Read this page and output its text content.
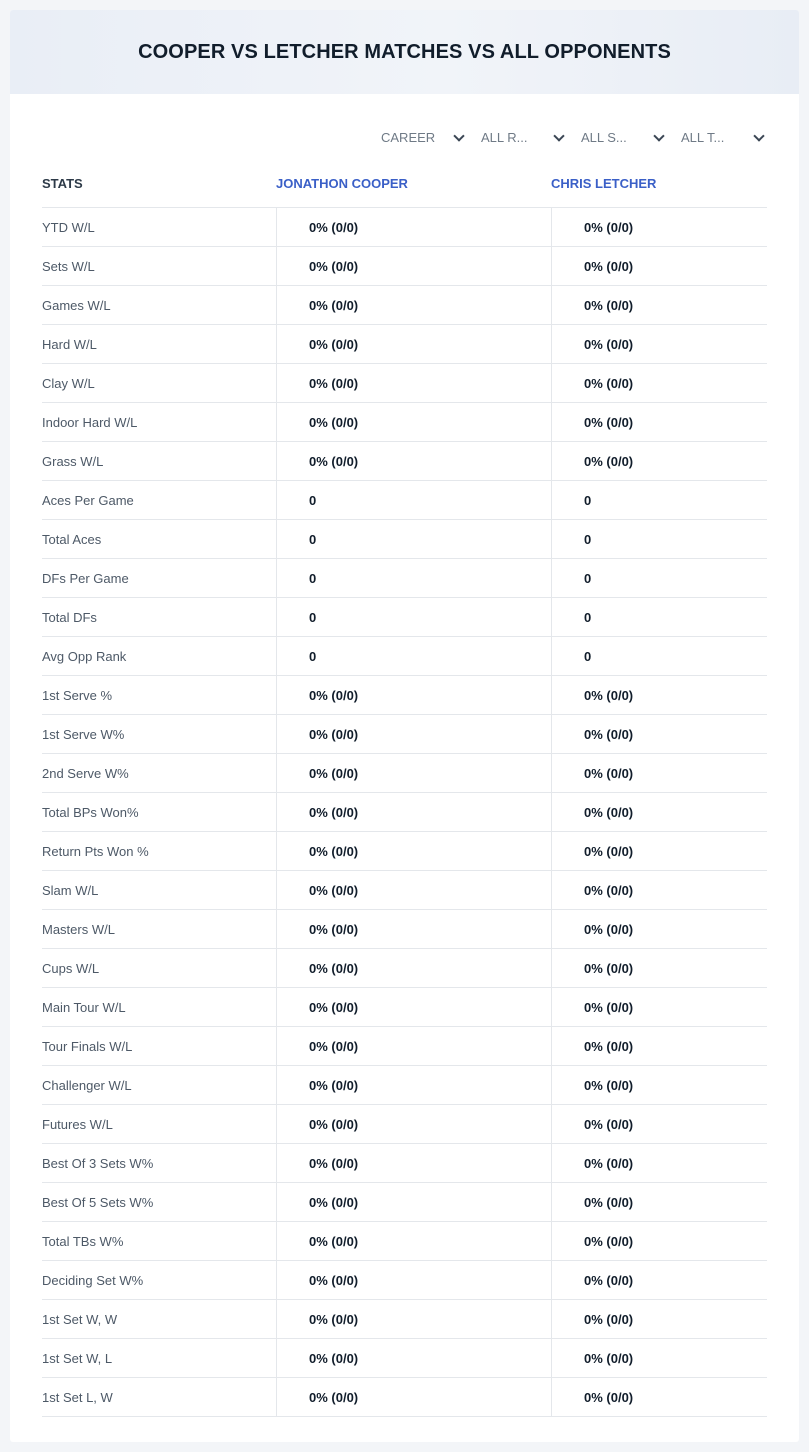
COOPER VS LETCHER MATCHES VS ALL OPPONENTS
CAREER	ALL R...	ALL S...	ALL T...
STATS	JONATHON COOPER	CHRIS LETCHER
YTD W/L	0% (0/0)	0% (0/0)
Sets W/L	0% (0/0)	0% (0/0)
Games W/L	0% (0/0)	0% (0/0)
Hard W/L	0% (0/0)	0% (0/0)
Clay W/L	0% (0/0)	0% (0/0)
Indoor Hard W/L	0% (0/0)	0% (0/0)
Grass W/L	0% (0/0)	0% (0/0)
Aces Per Game	0	0
Total Aces	0	0
DFs Per Game	0	0
Total DFs	0	0
Avg Opp Rank	0	0
1st Serve %	0% (0/0)	0% (0/0)
1st Serve W%	0% (0/0)	0% (0/0)
2nd Serve W%	0% (0/0)	0% (0/0)
Total BPs Won%	0% (0/0)	0% (0/0)
Return Pts Won %	0% (0/0)	0% (0/0)
Slam W/L	0% (0/0)	0% (0/0)
Masters W/L	0% (0/0)	0% (0/0)
Cups W/L	0% (0/0)	0% (0/0)
Main Tour W/L	0% (0/0)	0% (0/0)
Tour Finals W/L	0% (0/0)	0% (0/0)
Challenger W/L	0% (0/0)	0% (0/0)
Futures W/L	0% (0/0)	0% (0/0)
Best Of 3 Sets W%	0% (0/0)	0% (0/0)
Best Of 5 Sets W%	0% (0/0)	0% (0/0)
Total TBs W%	0% (0/0)	0% (0/0)
Deciding Set W%	0% (0/0)	0% (0/0)
1st Set W, W	0% (0/0)	0% (0/0)
1st Set W, L	0% (0/0)	0% (0/0)
1st Set L, W	0% (0/0)	0% (0/0)
